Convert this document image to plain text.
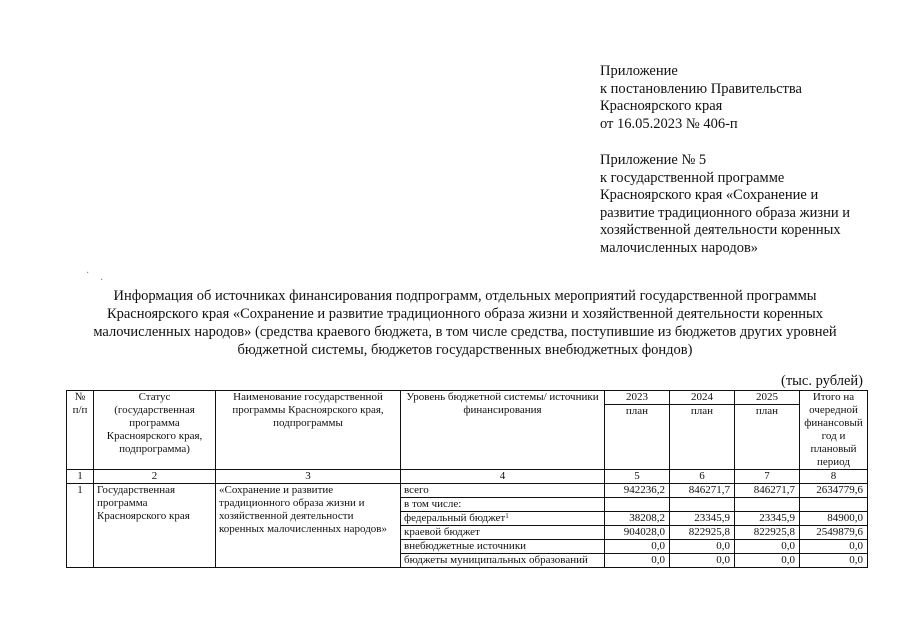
Приложение
к постановлению Правительства
Красноярского края
от 16.05.2023 № 406-п
Приложение № 5
к государственной программе
Красноярского края «Сохранение и
развитие традиционного образа жизни и
хозяйственной деятельности коренных
малочисленных народов»
·
·
Информация об источниках финансирования подпрограмм, отдельных мероприятий государственной программы
Красноярского края «Сохранение и развитие традиционного образа жизни и хозяйственной деятельности коренных
малочисленных народов» (средства краевого бюджета, в том числе средства, поступившие из бюджетов других уровней
бюджетной системы, бюджетов государственных внебюджетных фондов)
(тыс. рублей)
№ п/п	Статус (государственная программа Красноярского края, подпрограмма)	Наименование государственной программы Красноярского края, подпрограммы	Уровень бюджетной системы/ источники финансирования	2023	2024	2025	Итого на очередной финансовый год и плановый период
				план	план	план	
1	2	3	4	5	6	7	8
1	Государственная программа Красноярского края	«Сохранение и развитие традиционного образа жизни и хозяйственной деятельности коренных малочисленных народов»	всего	942236,2	846271,7	846271,7	2634779,6
			в том числе:				
			федеральный бюджет$^1$	38208,2	23345,9	23345,9	84900,0
			краевой бюджет	904028,0	822925,8	822925,8	2549879,6
			внебюджетные источники	0,0	0,0	0,0	0,0
			бюджеты муниципальных образований	0,0	0,0	0,0	0,0
